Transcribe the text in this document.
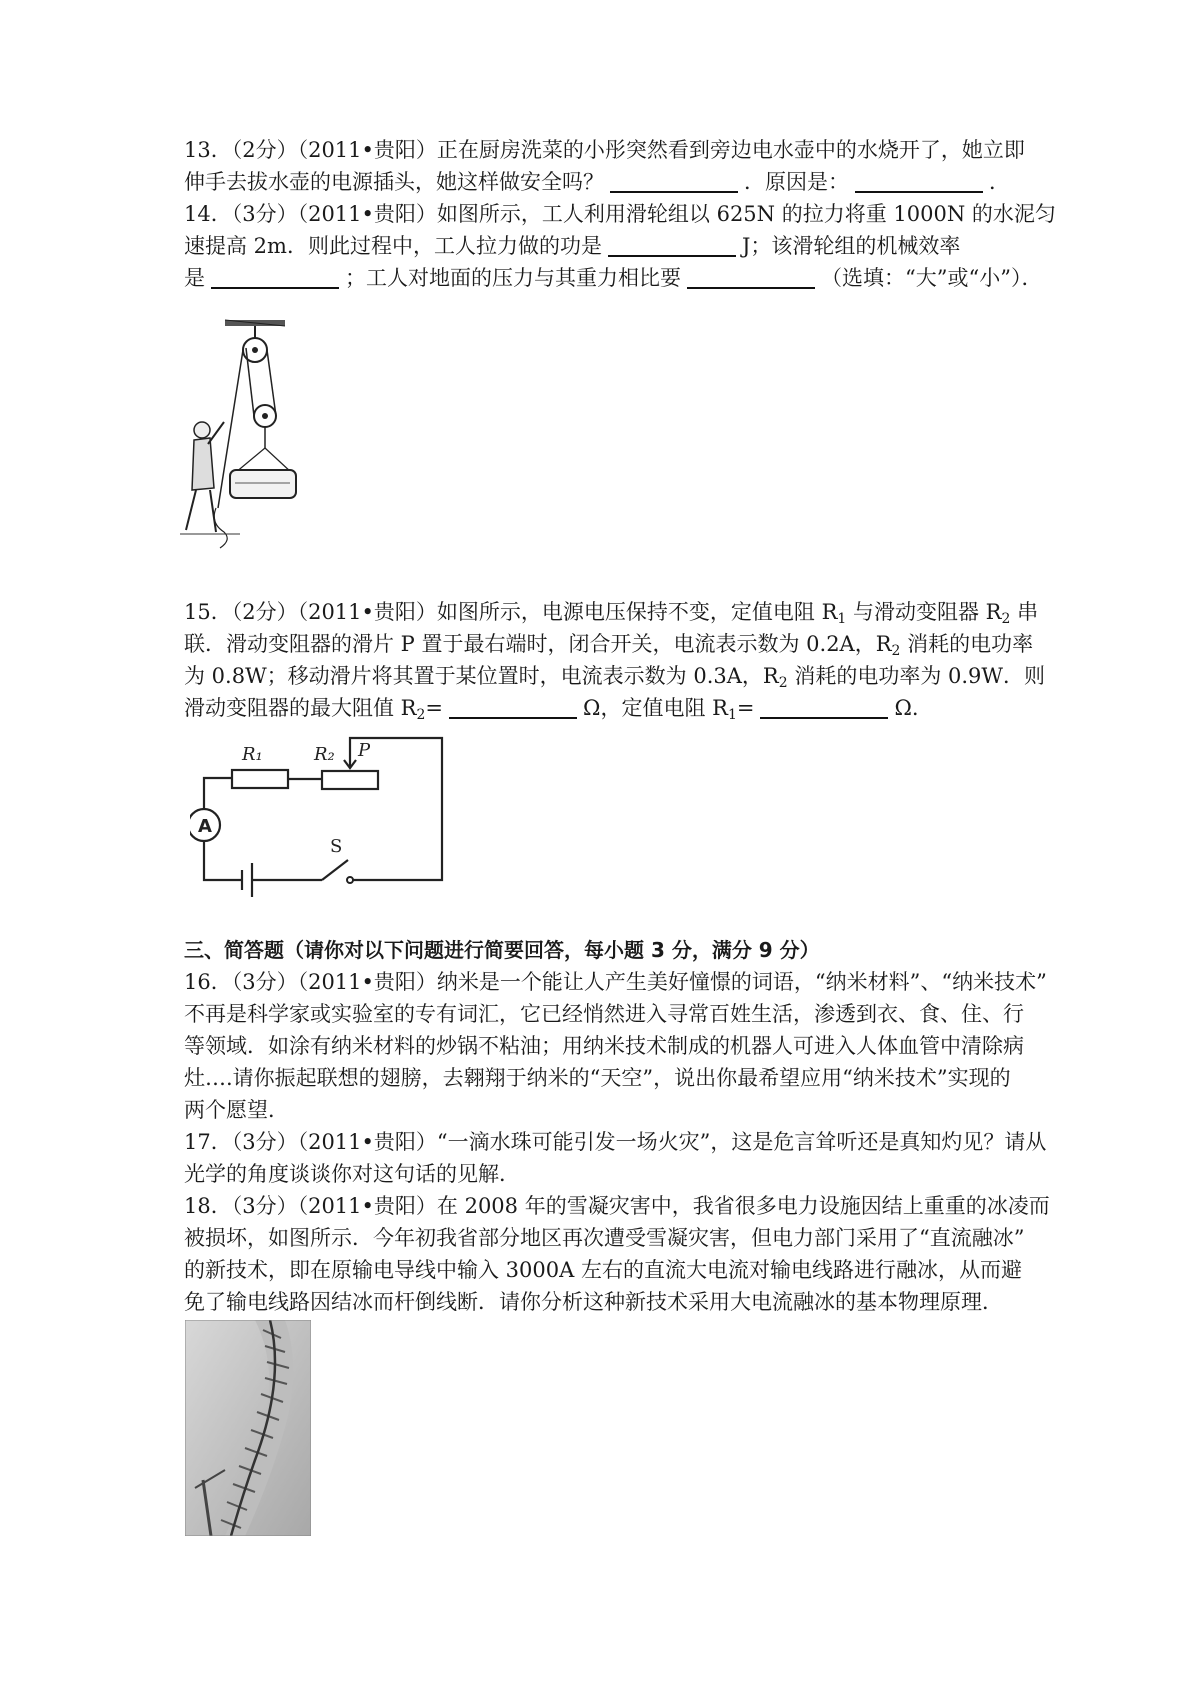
13．（2分）（2011•贵阳）正在厨房洗菜的小彤突然看到旁边电水壶中的水烧开了，她立即
伸手去拔水壶的电源插头，她这样做安全吗？	．原因是：	．
14．（3分）（2011•贵阳）如图所示，工人利用滑轮组以 625N 的拉力将重 1000N 的水泥匀
速提高 2m．则此过程中，工人拉力做的功是	J；该滑轮组的机械效率
是	；工人对地面的压力与其重力相比要	（选填：“大”或“小”）．
15．（2分）（2011•贵阳）如图所示，电源电压保持不变，定值电阻 $R_1$ 与滑动变阻器 $R_2$ 串
联．滑动变阻器的滑片 P 置于最右端时，闭合开关，电流表示数为 0.2A，$R_2$ 消耗的电功率
为 0.8W；移动滑片将其置于某位置时，电流表示数为 0.3A，$R_2$ 消耗的电功率为 0.9W．则
滑动变阻器的最大阻值 $R_2=$	Ω，定值电阻 $R_1=$	Ω.
R₁	R₂ P
A
S
三、简答题（请你对以下问题进行简要回答，每小题 3 分，满分 9 分）
16．（3分）（2011•贵阳）纳米是一个能让人产生美好憧憬的词语，“纳米材料”、“纳米技术”
不再是科学家或实验室的专有词汇，它已经悄然进入寻常百姓生活，渗透到衣、食、住、行
等领域．如涂有纳米材料的炒锅不粘油；用纳米技术制成的机器人可进入人体血管中清除病
灶….请你振起联想的翅膀，去翱翔于纳米的“天空”，说出你最希望应用“纳米技术”实现的
两个愿望．
17．（3分）（2011•贵阳）“一滴水珠可能引发一场火灾”，这是危言耸听还是真知灼见？请从
光学的角度谈谈你对这句话的见解．
18．（3分）（2011•贵阳）在 2008 年的雪凝灾害中，我省很多电力设施因结上重重的冰凌而
被损坏，如图所示．今年初我省部分地区再次遭受雪凝灾害，但电力部门采用了“直流融冰”
的新技术，即在原输电导线中输入 3000A 左右的直流大电流对输电线路进行融冰，从而避
免了输电线路因结冰而杆倒线断．请你分析这种新技术采用大电流融冰的基本物理原理．
